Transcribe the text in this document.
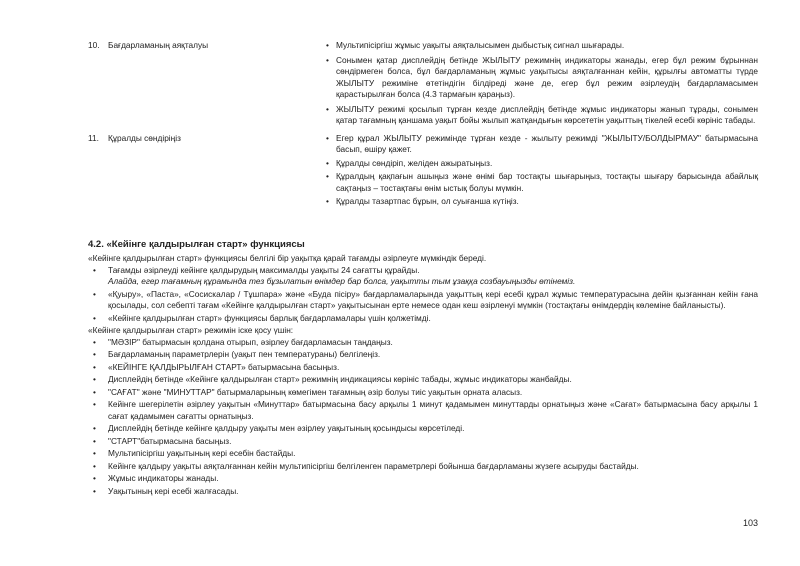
10.	Бағдарламаның аяқталуы	• Мультипісіргіш жұмыс уақыты аяқталысымен дыбыстық сигнал шығарады.
• Сонымен қатар дисплейдің бетінде ЖЫЛЫТУ режимнің индикаторы жанады, егер бұл режим бұрыннан сөндірмеген болса, бұл бағдарламаның жұмыс уақытысы аяқталғаннан кейін, құрылғы автоматты түрде ЖЫЛЫТУ режиміне өтетіндігін білдіреді және де, егер бұл режим әзірлеудің бағдарламасымен қарастырылған болса (4.3 тармағын қараңыз).
• ЖЫЛЫТУ режимі қосылып тұрған кезде дисплейдің бетінде жұмыс индикаторы жанып тұрады, сонымен қатар тағамның қаншама уақыт бойы жылып жатқандығын көрсететін уақыттың тікелей есебі көрініс табады.
11.	Құралды сөндіріңіз	• Егер құрал ЖЫЛЫТУ режимінде тұрған кезде - жылыту режимді "ЖЫЛЫТУ/БОЛДЫРМАУ" батырмасына басып, өшіру қажет.
• Құралды сөндіріп, желіден ажыратыңыз.
• Құралдың қақпағын ашыңыз және өнімі бар тостақты шығарыңыз, тостақты шығару барысында абайлық сақтаңыз – тостақтағы өнім ыстық болуы мүмкін.
• Құралды тазартпас бұрын, ол суығанша күтіңіз.
4.2. «Кейінге қалдырылған старт» функциясы

«Кейінге қалдырылған старт» функциясы белгілі бір уақытқа қарай тағамды әзірлеуге мүмкіндік береді.

• Тағамды әзірлеуді кейінге қалдырудың максималды уақыты 24 сағатты құрайды.
Алайда, егер тағамның құрамында тез бұзылатын өнімдер бар болса, уақытты тым ұзаққа созбауыңызды өтінеміз.
• «Қуыру», «Паста», «Сосискалар / Тұшпара» және «Буда пісіру» бағдарламаларында уақыттың кері есебі құрал жұмыс температурасына дейін қызғаннан кейін ғана қосылады, сол себепті тағам «Кейінге қалдырылған старт» уақытысынан ерте немесе одан кеш әзірленуі мүмкін (тостақтағы өнімдердің көлеміне байланысты).
• «Кейінге қалдырылған старт» функциясы барлық бағдарламалары үшін қолжетімді.

«Кейінге қалдырылған старт» режимін іске қосу үшін:

• "МӘЗІР" батырмасын қолдана отырып, әзірлеу бағдарламасын таңдаңыз.
• Бағдарламаның параметрлерін (уақыт пен температураны) белгілеңіз.
• «КЕЙІНГЕ ҚАЛДЫРЫЛҒАН СТАРТ» батырмасына басыңыз.
• Дисплейдің бетінде «Кейінге қалдырылған старт» режимнің индикациясы көрініс табады, жұмыс индикаторы жанбайды.
• "САҒАТ" және "МИНУТТАР" батырмаларының көмегімен тағамның әзір болуы тиіс уақытын орната аласыз.
• Кейінге шегерілетін әзірлеу уақытын «Минуттар» батырмасына басу арқылы 1 минут қадамымен минуттарды орнатыңыз және «Сағат» батырмасына басу арқылы 1 сағат қадамымен сағатты орнатыңыз.
• Дисплейдің бетінде кейінге қалдыру уақыты мен әзірлеу уақытының қосындысы көрсетіледі.
• "СТАРТ"батырмасына басыңыз.
• Мультипісіргіш уақытының кері есебін бастайды.
• Кейінге қалдыру уақыты аяқталғаннан кейін мультипісіргіш белгіленген параметрлері бойынша бағдарламаны жүзеге асыруды бастайды.
• Жұмыс индикаторы жанады.
• Уақытының кері есебі жалғасады.
103
